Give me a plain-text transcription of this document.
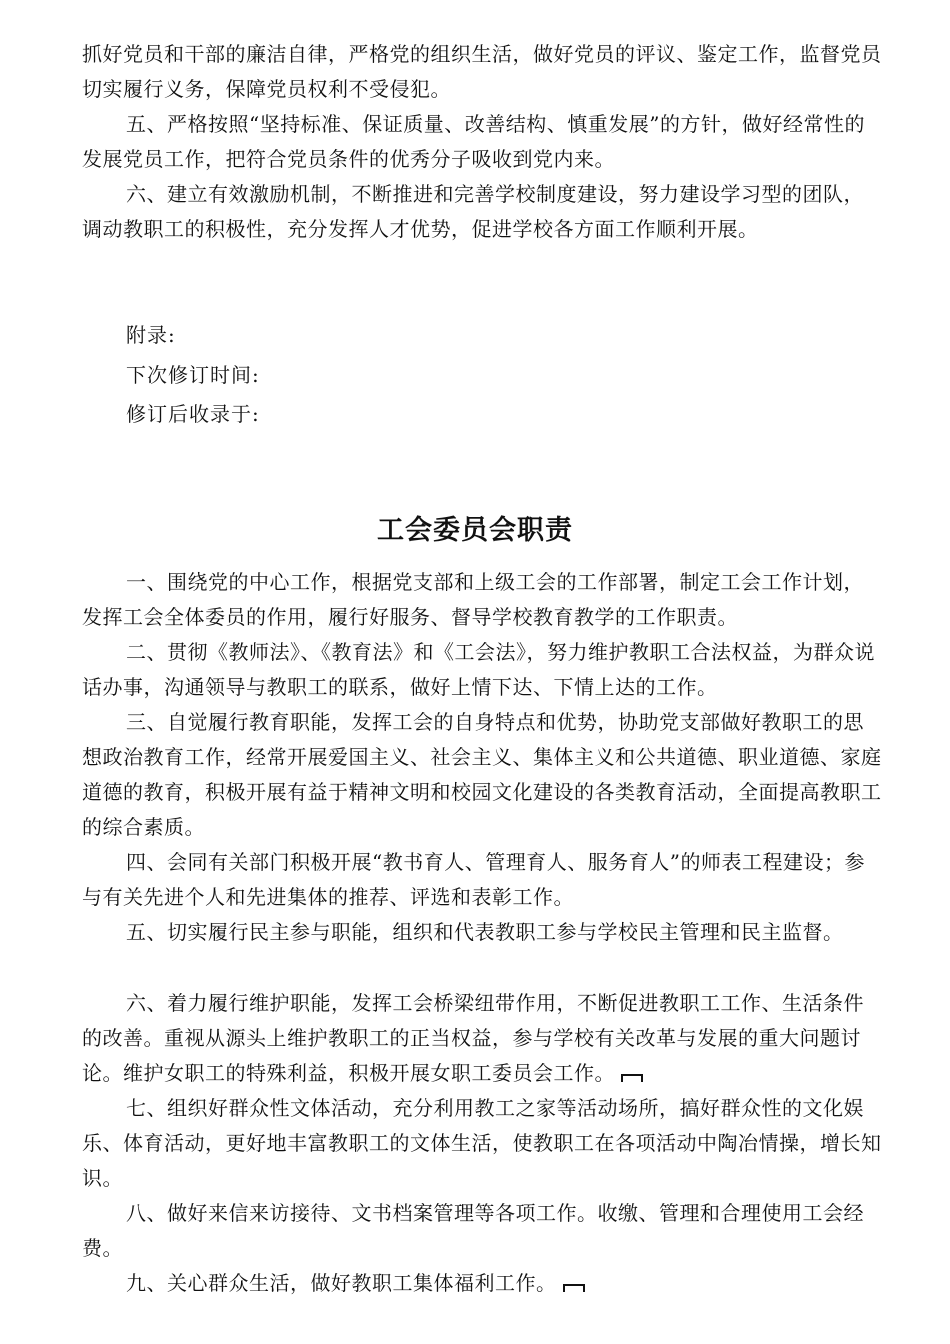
抓好党员和干部的廉洁自律，严格党的组织生活，做好党员的评议、鉴定工作，监督党员切实履行义务，保障党员权利不受侵犯。

五、严格按照“坚持标准、保证质量、改善结构、慎重发展”的方针，做好经常性的发展党员工作，把符合党员条件的优秀分子吸收到党内来。

六、建立有效激励机制，不断推进和完善学校制度建设，努力建设学习型的团队，调动教职工的积极性，充分发挥人才优势，促进学校各方面工作顺利开展。

附录:

下次修订时间:

修订后收录于:

工会委员会职责

一、围绕党的中心工作，根据党支部和上级工会的工作部署，制定工会工作计划，发挥工会全体委员的作用，履行好服务、督导学校教育教学的工作职责。

二、贯彻《教师法》、《教育法》和《工会法》，努力维护教职工合法权益，为群众说话办事，沟通领导与教职工的联系，做好上情下达、下情上达的工作。

三、自觉履行教育职能，发挥工会的自身特点和优势，协助党支部做好教职工的思想政治教育工作，经常开展爱国主义、社会主义、集体主义和公共道德、职业道德、家庭道德的教育，积极开展有益于精神文明和校园文化建设的各类教育活动，全面提高教职工的综合素质。

四、会同有关部门积极开展“教书育人、管理育人、服务育人”的师表工程建设；参与有关先进个人和先进集体的推荐、评选和表彰工作。

五、切实履行民主参与职能，组织和代表教职工参与学校民主管理和民主监督。

六、着力履行维护职能，发挥工会桥梁纽带作用，不断促进教职工工作、生活条件的改善。重视从源头上维护教职工的正当权益，参与学校有关改革与发展的重大问题讨论。维护女职工的特殊利益，积极开展女职工委员会工作。

七、组织好群众性文体活动，充分利用教工之家等活动场所，搞好群众性的文化娱乐、体育活动，更好地丰富教职工的文体生活，使教职工在各项活动中陶冶情操，增长知识。

八、做好来信来访接待、文书档案管理等各项工作。收缴、管理和合理使用工会经费。

九、关心群众生活，做好教职工集体福利工作。
